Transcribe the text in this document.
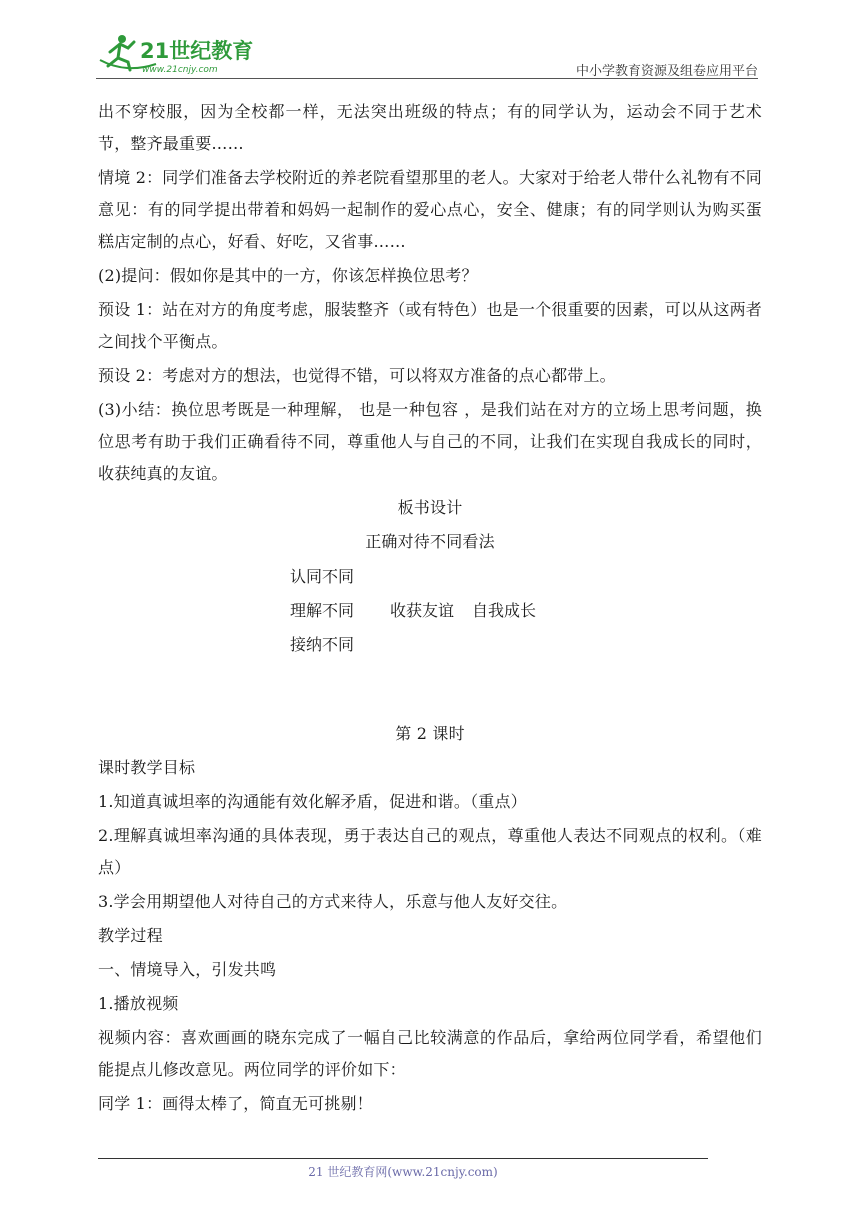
21世纪教育
www.21cnjy.com	中小学教育资源及组卷应用平台

出不穿校服，因为全校都一样，无法突出班级的特点；有的同学认为，运动会不同于艺术节，整齐最重要……

情境 2：同学们准备去学校附近的养老院看望那里的老人。大家对于给老人带什么礼物有不同意见：有的同学提出带着和妈妈一起制作的爱心点心，安全、健康；有的同学则认为购买蛋糕店定制的点心，好看、好吃，又省事……

(2)提问：假如你是其中的一方，你该怎样换位思考？

预设 1：站在对方的角度考虑，服装整齐（或有特色）也是一个很重要的因素，可以从这两者之间找个平衡点。

预设 2：考虑对方的想法，也觉得不错，可以将双方准备的点心都带上。

(3)小结：换位思考既是一种理解， 也是一种包容 ，是我们站在对方的立场上思考问题，换位思考有助于我们正确看待不同，尊重他人与自己的不同，让我们在实现自我成长的同时，收获纯真的友谊。

板书设计

正确对待不同看法

认同不同
理解不同 收获友谊 自我成长
接纳不同

第 2 课时

课时教学目标

1.知道真诚坦率的沟通能有效化解矛盾，促进和谐。（重点）

2.理解真诚坦率沟通的具体表现，勇于表达自己的观点，尊重他人表达不同观点的权利。（难点）

3.学会用期望他人对待自己的方式来待人，乐意与他人友好交往。

教学过程

一、情境导入，引发共鸣

1.播放视频

视频内容：喜欢画画的晓东完成了一幅自己比较满意的作品后，拿给两位同学看，希望他们能提点儿修改意见。两位同学的评价如下：

同学 1：画得太棒了，简直无可挑剔！

21 世纪教育网(www.21cnjy.com)
